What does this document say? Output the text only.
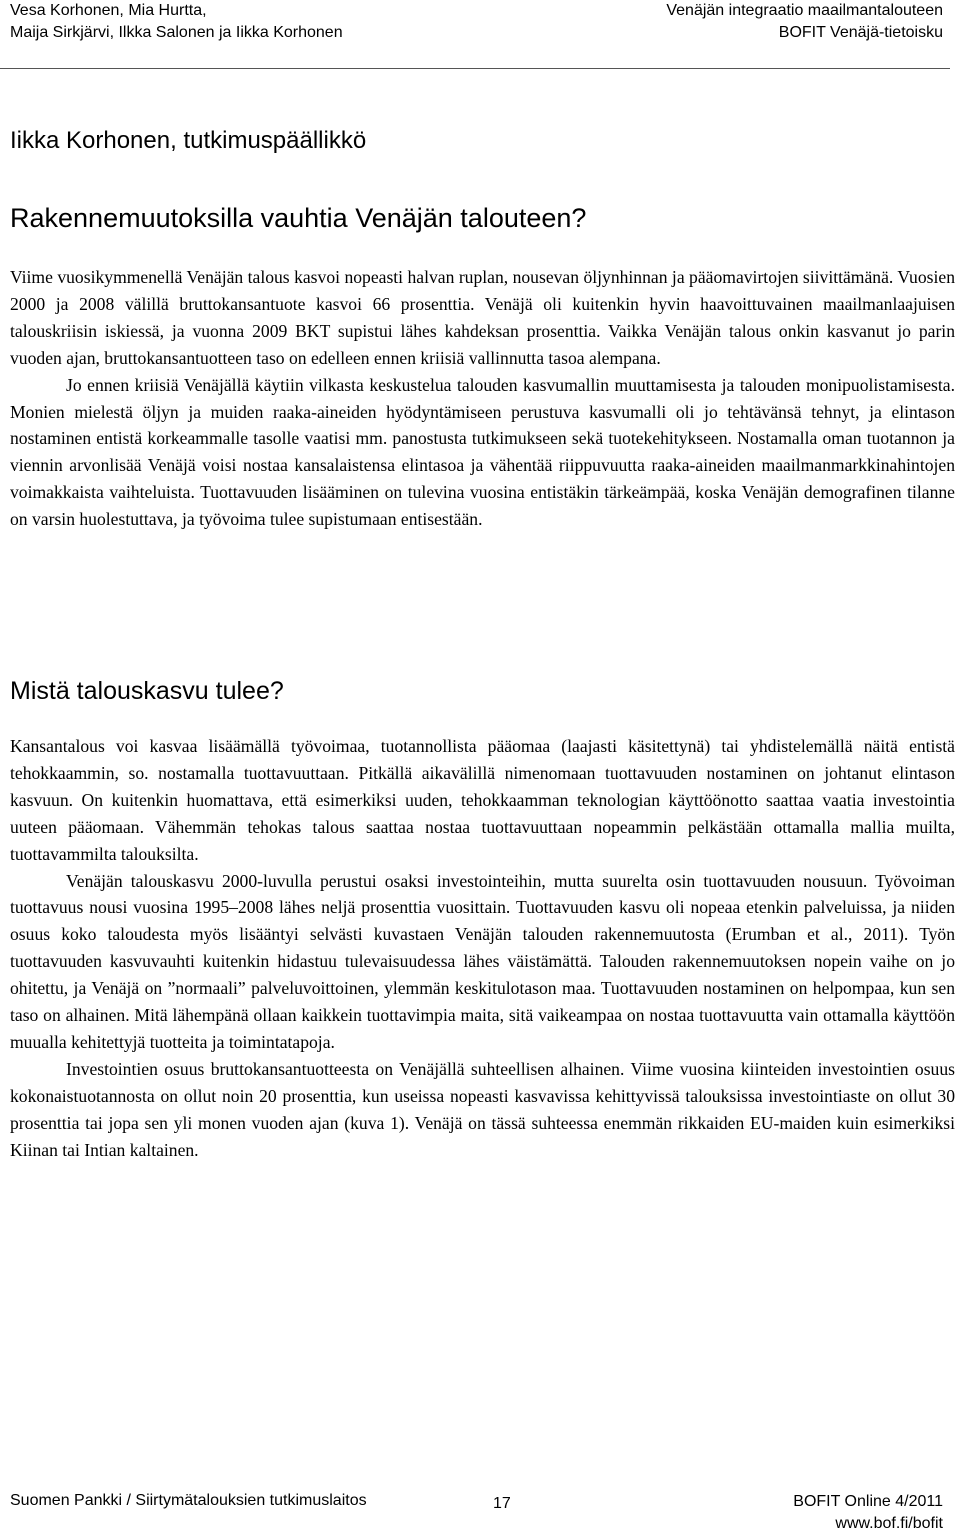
Vesa Korhonen, Mia Hurtta,
Maija Sirkjärvi, Ilkka Salonen ja Iikka Korhonen
Venäjän integraatio maailmantalouteen
BOFIT Venäjä-tietoisku
Iikka Korhonen, tutkimuspäällikkö
Rakennemuutoksilla vauhtia Venäjän talouteen?

Viime vuosikymmenellä Venäjän talous kasvoi nopeasti halvan ruplan, nousevan öljynhinnan ja pääomavirtojen siivittämänä. Vuosien 2000 ja 2008 välillä bruttokansantuote kasvoi 66 prosenttia. Venäjä oli kuitenkin hyvin haavoittuvainen maailmanlaajuisen talouskriisin iskiessä, ja vuonna 2009 BKT supistui lähes kahdeksan prosenttia. Vaikka Venäjän talous onkin kasvanut jo parin vuoden ajan, bruttokansantuotteen taso on edelleen ennen kriisiä vallinnutta tasoa alempana.

Jo ennen kriisiä Venäjällä käytiin vilkasta keskustelua talouden kasvumallin muuttamisesta ja talouden monipuolistamisesta. Monien mielestä öljyn ja muiden raaka-aineiden hyödyntämiseen perustuva kasvumalli oli jo tehtävänsä tehnyt, ja elintason nostaminen entistä korkeammalle tasolle vaatisi mm. panostusta tutkimukseen sekä tuotekehitykseen. Nostamalla oman tuotannon ja viennin arvonlisää Venäjä voisi nostaa kansalaistensa elintasoa ja vähentää riippuvuutta raaka-aineiden maailmanmarkkinahintojen voimakkaista vaihteluista. Tuottavuuden lisääminen on tulevina vuosina entistäkin tärkeämpää, koska Venäjän demografinen tilanne on varsin huolestuttava, ja työvoima tulee supistumaan entisestään.

Mistä talouskasvu tulee?

Kansantalous voi kasvaa lisäämällä työvoimaa, tuotannollista pääomaa (laajasti käsitettynä) tai yhdistelemällä näitä entistä tehokkaammin, so. nostamalla tuottavuuttaan. Pitkällä aikavälillä nimenomaan tuottavuuden nostaminen on johtanut elintason kasvuun. On kuitenkin huomattava, että esimerkiksi uuden, tehokkaamman teknologian käyttöönotto saattaa vaatia investointia uuteen pääomaan. Vähemmän tehokas talous saattaa nostaa tuottavuuttaan nopeammin pelkästään ottamalla mallia muilta, tuottavammilta talouksilta.

Venäjän talouskasvu 2000-luvulla perustui osaksi investointeihin, mutta suurelta osin tuottavuuden nousuun. Työvoiman tuottavuus nousi vuosina 1995–2008 lähes neljä prosenttia vuosittain. Tuottavuuden kasvu oli nopeaa etenkin palveluissa, ja niiden osuus koko taloudesta myös lisääntyi selvästi kuvastaen Venäjän talouden rakennemuutosta (Erumban et al., 2011). Työn tuottavuuden kasvuvauhti kuitenkin hidastuu tulevaisuudessa lähes väistämättä. Talouden rakennemuutoksen nopein vaihe on jo ohitettu, ja Venäjä on ”normaali” palveluvoittoinen, ylemmän keskitulotason maa. Tuottavuuden nostaminen on helpompaa, kun sen taso on alhainen. Mitä lähempänä ollaan kaikkein tuottavimpia maita, sitä vaikeampaa on nostaa tuottavuutta vain ottamalla käyttöön muualla kehitettyjä tuotteita ja toimintatapoja.

Investointien osuus bruttokansantuotteesta on Venäjällä suhteellisen alhainen. Viime vuosina kiinteiden investointien osuus kokonaistuotannosta on ollut noin 20 prosenttia, kun useissa nopeasti kasvavissa kehittyvissä talouksissa investointiaste on ollut 30 prosenttia tai jopa sen yli monen vuoden ajan (kuva 1). Venäjä on tässä suhteessa enemmän rikkaiden EU-maiden kuin esimerkiksi Kiinan tai Intian kaltainen.

Suomen Pankki / Siirtymätalouksien tutkimuslaitos	17	BOFIT Online 4/2011
www.bof.fi/bofit
